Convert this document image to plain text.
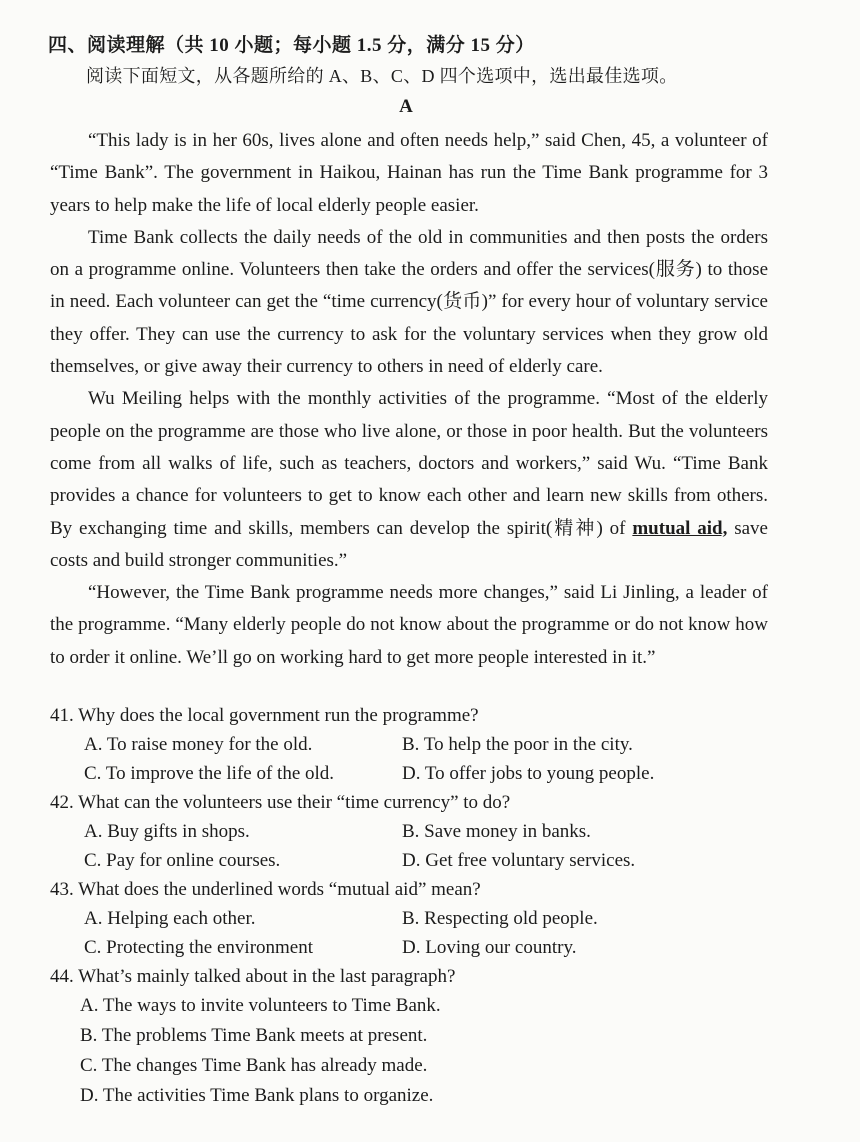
四、阅读理解（共 10 小题；每小题 1.5 分，满分 15 分）
阅读下面短文，从各题所给的 A、B、C、D 四个选项中，选出最佳选项。
A

“This lady is in her 60s, lives alone and often needs help,” said Chen, 45, a volunteer of “Time Bank”. The government in Haikou, Hainan has run the Time Bank programme for 3 years to help make the life of local elderly people easier.

Time Bank collects the daily needs of the old in communities and then posts the orders on a programme online. Volunteers then take the orders and offer the services(服务) to those in need. Each volunteer can get the “time currency(货币)” for every hour of voluntary service they offer. They can use the currency to ask for the voluntary services when they grow old themselves, or give away their currency to others in need of elderly care.

Wu Meiling helps with the monthly activities of the programme. “Most of the elderly people on the programme are those who live alone, or those in poor health. But the volunteers come from all walks of life, such as teachers, doctors and workers,” said Wu. “Time Bank provides a chance for volunteers to get to know each other and learn new skills from others. By exchanging time and skills, members can develop the spirit(精神) of mutual aid, save costs and build stronger communities.”

“However, the Time Bank programme needs more changes,” said Li Jinling, a leader of the programme. “Many elderly people do not know about the programme or do not know how to order it online. We’ll go on working hard to get more people interested in it.”

41. Why does the local government run the programme?
A. To raise money for the old.	B. To help the poor in the city.
C. To improve the life of the old.	D. To offer jobs to young people.
42. What can the volunteers use their “time currency” to do?
A. Buy gifts in shops.	B. Save money in banks.
C. Pay for online courses.	D. Get free voluntary services.
43. What does the underlined words “mutual aid” mean?
A. Helping each other.	B. Respecting old people.
C. Protecting the environment	D. Loving our country.
44. What’s mainly talked about in the last paragraph?
A. The ways to invite volunteers to Time Bank.
B. The problems Time Bank meets at present.
C. The changes Time Bank has already made.
D. The activities Time Bank plans to organize.
